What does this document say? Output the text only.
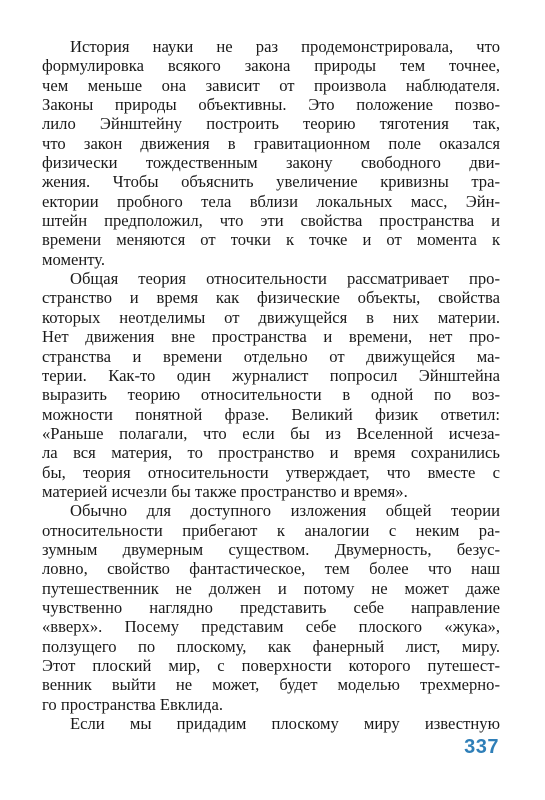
История науки не раз продемонстрировала, что
формулировка всякого закона природы тем точнее,
чем меньше она зависит от произвола наблюдателя.
Законы природы объективны. Это положение позво-
лило Эйнштейну построить теорию тяготения так,
что закон движения в гравитационном поле оказался
физически тождественным закону свободного дви-
жения. Чтобы объяснить увеличение кривизны тра-
ектории пробного тела вблизи локальных масс, Эйн-
штейн предположил, что эти свойства пространства и
времени меняются от точки к точке и от момента к
моменту.
Общая теория относительности рассматривает про-
странство и время как физические объекты, свойства
которых неотделимы от движущейся в них материи.
Нет движения вне пространства и времени, нет про-
странства и времени отдельно от движущейся ма-
терии. Как-то один журналист попросил Эйнштейна
выразить теорию относительности в одной по воз-
можности понятной фразе. Великий физик ответил:
«Раньше полагали, что если бы из Вселенной исчеза-
ла вся материя, то пространство и время сохранились
бы, теория относительности утверждает, что вместе с
материей исчезли бы также пространство и время».
Обычно для доступного изложения общей теории
относительности прибегают к аналогии с неким ра-
зумным двумерным существом. Двумерность, безус-
ловно, свойство фантастическое, тем более что наш
путешественник не должен и потому не может даже
чувственно наглядно представить себе направление
«вверх». Посему представим себе плоского «жука»,
ползущего по плоскому, как фанерный лист, миру.
Этот плоский мир, с поверхности которого путешест-
венник выйти не может, будет моделью трехмерно-
го пространства Евклида.
Если мы придадим плоскому миру известную
337
